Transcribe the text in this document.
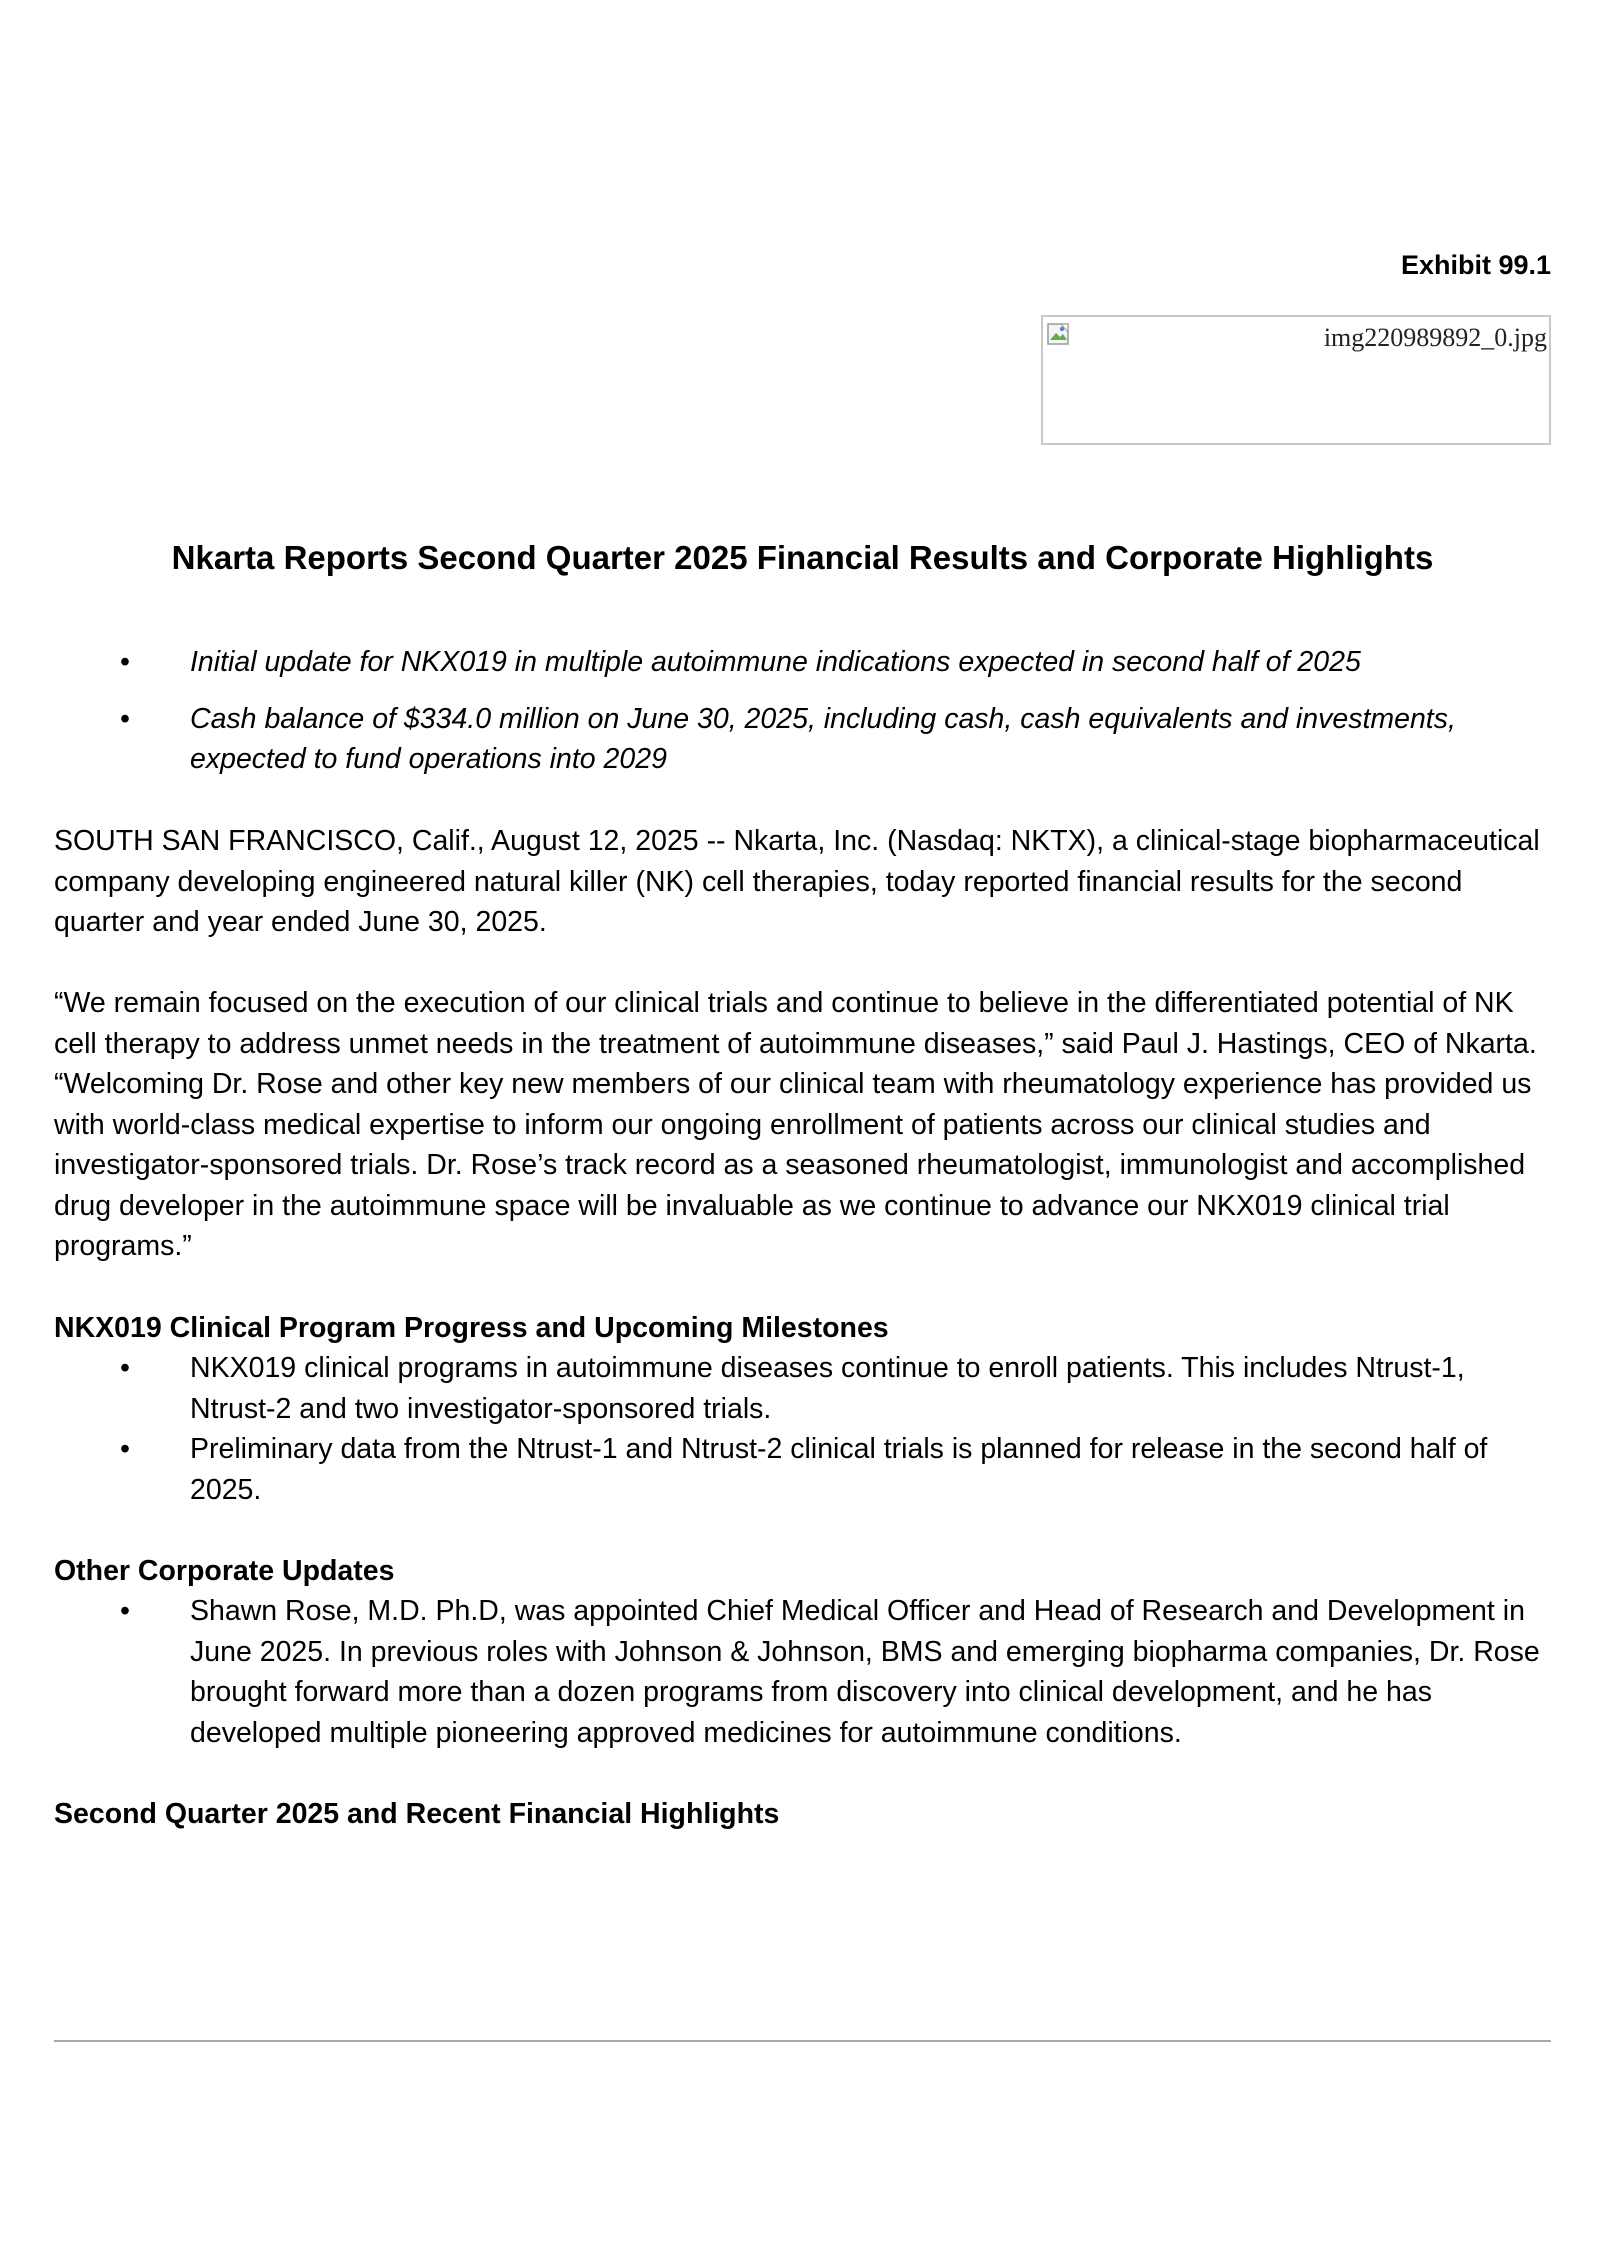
Exhibit 99.1
img220989892_0.jpg
Nkarta Reports Second Quarter 2025 Financial Results and Corporate Highlights
• Initial update for NKX019 in multiple autoimmune indications expected in second half of 2025
• Cash balance of $334.0 million on June 30, 2025, including cash, cash equivalents and investments, expected to fund operations into 2029
SOUTH SAN FRANCISCO, Calif., August 12, 2025 -- Nkarta, Inc. (Nasdaq: NKTX), a clinical-stage biopharmaceutical company developing engineered natural killer (NK) cell therapies, today reported financial results for the second quarter and year ended June 30, 2025.
“We remain focused on the execution of our clinical trials and continue to believe in the differentiated potential of NK cell therapy to address unmet needs in the treatment of autoimmune diseases,” said Paul J. Hastings, CEO of Nkarta. “Welcoming Dr. Rose and other key new members of our clinical team with rheumatology experience has provided us with world-class medical expertise to inform our ongoing enrollment of patients across our clinical studies and investigator-sponsored trials. Dr. Rose’s track record as a seasoned rheumatologist, immunologist and accomplished drug developer in the autoimmune space will be invaluable as we continue to advance our NKX019 clinical trial programs.”
NKX019 Clinical Program Progress and Upcoming Milestones
• NKX019 clinical programs in autoimmune diseases continue to enroll patients. This includes Ntrust-1, Ntrust-2 and two investigator-sponsored trials.
• Preliminary data from the Ntrust-1 and Ntrust-2 clinical trials is planned for release in the second half of 2025.
Other Corporate Updates
• Shawn Rose, M.D. Ph.D, was appointed Chief Medical Officer and Head of Research and Development in June 2025. In previous roles with Johnson & Johnson, BMS and emerging biopharma companies, Dr. Rose brought forward more than a dozen programs from discovery into clinical development, and he has developed multiple pioneering approved medicines for autoimmune conditions.
Second Quarter 2025 and Recent Financial Highlights
